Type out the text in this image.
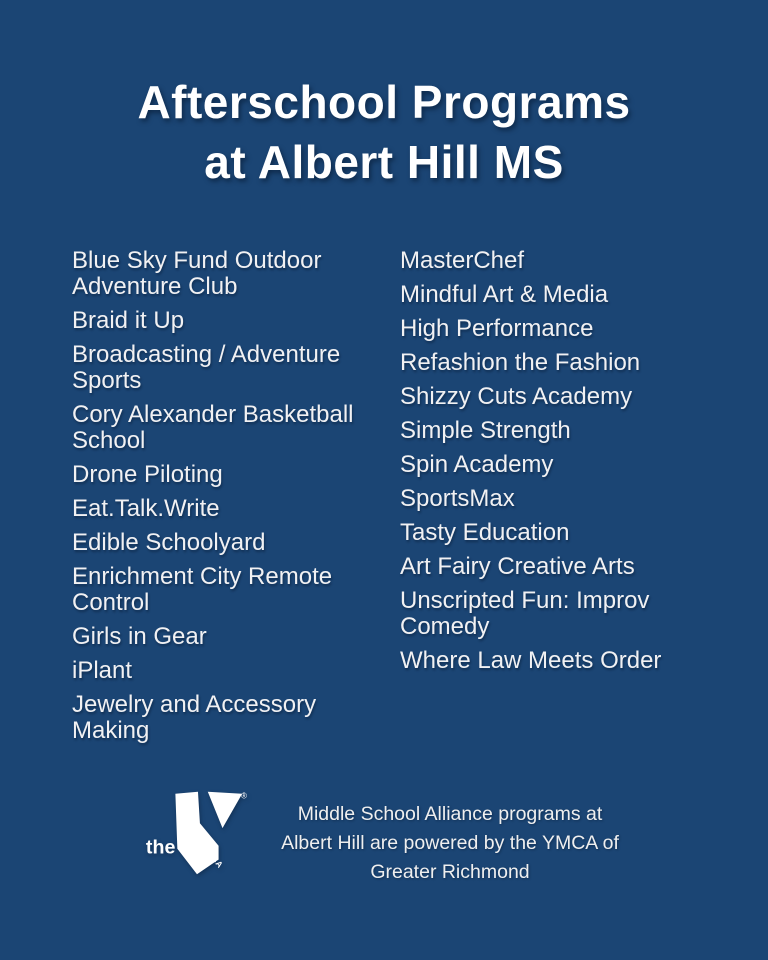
Afterschool Programs
at Albert Hill MS
Blue Sky Fund Outdoor Adventure Club
Braid it Up
Broadcasting / Adventure Sports
Cory Alexander Basketball School
Drone Piloting
Eat.Talk.Write
Edible Schoolyard
Enrichment City Remote Control
Girls in Gear
iPlant
Jewelry and Accessory Making
MasterChef
Mindful Art & Media
High Performance
Refashion the Fashion
Shizzy Cuts Academy
Simple Strength
Spin Academy
SportsMax
Tasty Education
Art Fairy Creative Arts
Unscripted Fun: Improv Comedy
Where Law Meets Order
the	YMCA
®
Middle School Alliance programs at
Albert Hill are powered by the YMCA of
Greater Richmond
